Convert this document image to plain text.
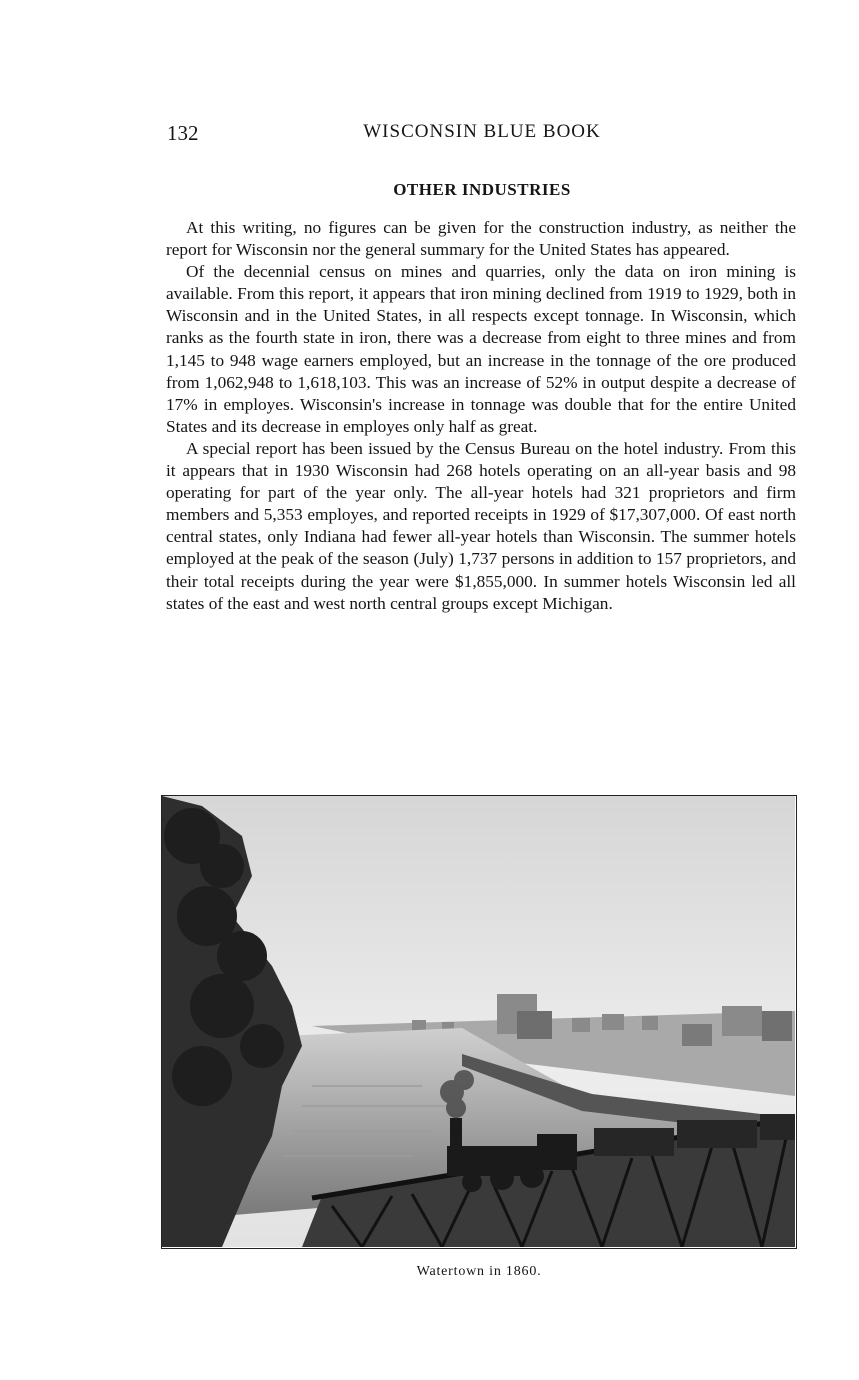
132	WISCONSIN BLUE BOOK
OTHER INDUSTRIES

At this writing, no figures can be given for the construction industry, as neither the report for Wisconsin nor the general summary for the United States has appeared.

Of the decennial census on mines and quarries, only the data on iron mining is available. From this report, it appears that iron mining declined from 1919 to 1929, both in Wisconsin and in the United States, in all respects except tonnage. In Wisconsin, which ranks as the fourth state in iron, there was a decrease from eight to three mines and from 1,145 to 948 wage earners employed, but an increase in the tonnage of the ore produced from 1,062,948 to 1,618,103. This was an increase of 52% in output despite a decrease of 17% in employes. Wisconsin's increase in tonnage was double that for the entire United States and its decrease in employes only half as great.

A special report has been issued by the Census Bureau on the hotel industry. From this it appears that in 1930 Wisconsin had 268 hotels operating on an all-year basis and 98 operating for part of the year only. The all-year hotels had 321 proprietors and firm members and 5,353 employes, and reported receipts in 1929 of $17,307,000. Of east north central states, only Indiana had fewer all-year hotels than Wisconsin. The summer hotels employed at the peak of the season (July) 1,737 persons in addition to 157 proprietors, and their total receipts during the year were $1,855,000. In summer hotels Wisconsin led all states of the east and west north central groups except Michigan.

Watertown in 1860.
